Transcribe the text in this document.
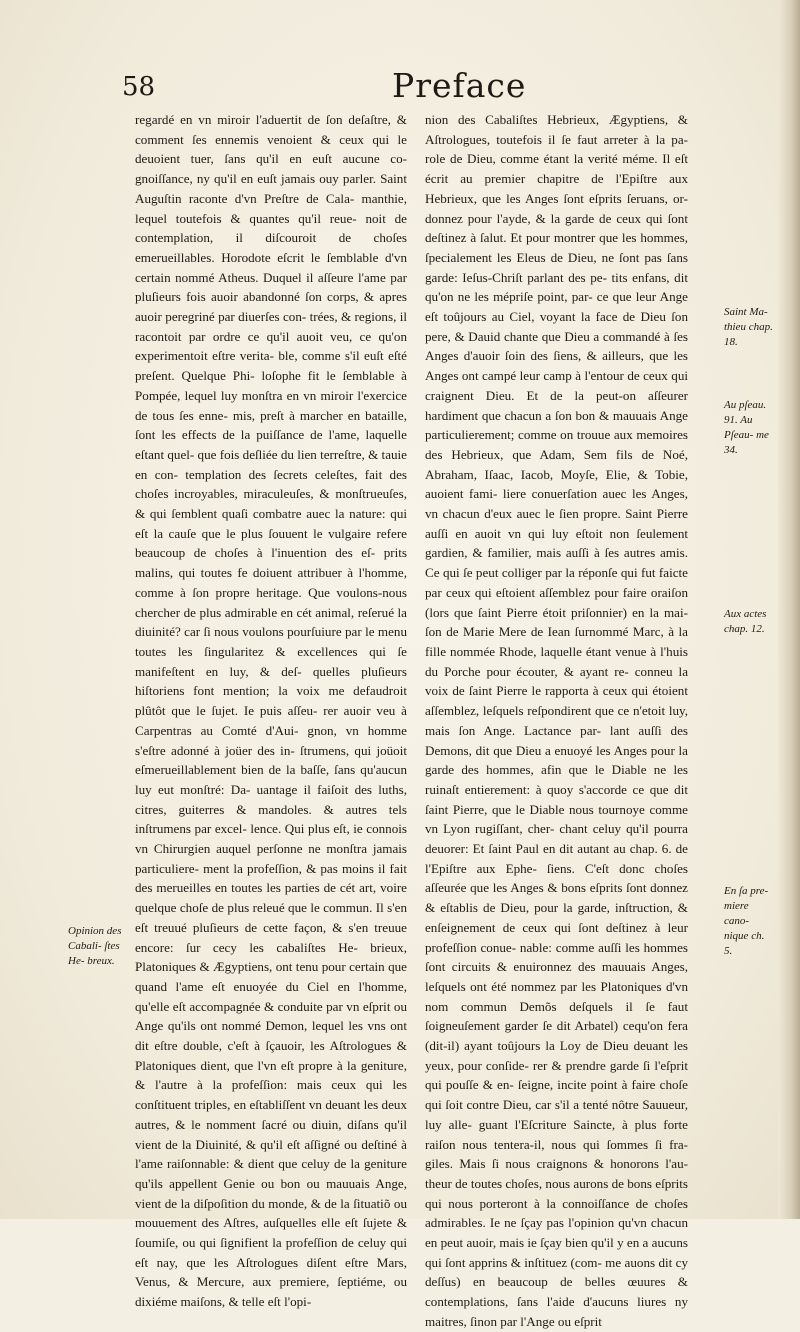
58	Preface

regardé en vn miroir l'aduertit de ſon deſaſtre, & comment ſes ennemis venoient & ceux qui le deuoient tuer, ſans qu'il en euſt aucune co- gnoiſſance, ny qu'il en euſt jamais ouy parler. Saint Auguſtin raconte d'vn Preſtre de Cala- manthie, lequel toutefois & quantes qu'il reue- noit de contemplation, il diſcouroit de choſes emerueillables. Horodote eſcrit le ſemblable d'vn certain nommé Atheus. Duquel il aſſeure l'ame par pluſieurs fois auoir abandonné ſon corps, & apres auoir peregriné par diuerſes con- trées, & regions, il racontoit par ordre ce qu'il auoit veu, ce qu'on experimentoit eſtre verita- ble, comme s'il euſt eſté preſent. Quelque Phi- loſophe fit le ſemblable à Pompée, lequel luy monſtra en vn miroir l'exercice de tous ſes enne- mis, preſt à marcher en bataille, ſont les effects de la puiſſance de l'ame, laquelle eſtant quel- que fois deſliée du lien terreſtre, & tauie en con- templation des ſecrets celeſtes, fait des choſes incroyables, miraculeuſes, & monſtrueuſes, & qui ſemblent quaſi combatre auec la nature: qui eſt la cauſe que le plus ſouuent le vulgaire refere beaucoup de choſes à l'inuention des eſ- prits malins, qui toutes fe doiuent attribuer à l'homme, comme à ſon propre heritage. Que voulons-nous chercher de plus admirable en cét animal, reſerué la diuinité? car ſi nous voulons pourſuiure par le menu toutes les ſingularitez & excellences qui ſe manifeſtent en luy, & deſ- quelles pluſieurs hiſtoriens font mention; la voix me defaudroit plûtôt que le ſujet. Ie puis aſſeu- rer auoir veu à Carpentras au Comté d'Aui- gnon, vn homme s'eſtre adonné à joüer des in- ſtrumens, qui joüoit eſmerueillablement bien de la baſſe, ſans qu'aucun luy eut monſtré: Da- uantage il faiſoit des luths, citres, guiterres & mandoles. & autres tels inſtrumens par excel- lence. Qui plus eſt, ie connois vn Chirurgien auquel perſonne ne monſtra jamais particuliere- ment la profeſſion, & pas moins il fait des merueilles en toutes les parties de cét art, voire quelque choſe de plus releué que le commun. Il s'en eſt treuué pluſieurs de cette façon, & s'en treuue encore: ſur cecy les cabaliſtes He- brieux, Platoniques & Ægyptiens, ont tenu pour certain que quand l'ame eſt enuoyée du Ciel en l'homme, qu'elle eſt accompagnée & conduite par vn eſprit ou Ange qu'ils ont nommé Demon, lequel les vns ont dit eſtre double, c'eſt à ſçauoir, les Aſtrologues & Platoniques dient, que l'vn eſt propre à la geniture, & l'autre à la profeſſion: mais ceux qui les conſtituent triples, en eſtabliſſent vn deuant les deux autres, & le nomment ſacré ou diuin, diſans qu'il vient de la Diuinité, & qu'il eſt aſſigné ou deſtiné à l'ame raiſonnable: & dient que celuy de la geniture qu'ils appellent Genie ou bon ou mauuais Ange, vient de la diſpoſition du monde, & de la ſituatiõ ou mouuement des Aſtres, auſquelles elle eſt ſujete & ſoumiſe, ou qui ſignifient la profeſſion de celuy qui eſt nay, que les Aſtrologues diſent eſtre Mars, Venus, & Mercure, aux premiere, ſeptiéme, ou dixiéme maiſons, & telle eſt l'opi-

nion des Cabaliſtes Hebrieux, Ægyptiens, & Aſtrologues, toutefois il ſe faut arreter à la pa- role de Dieu, comme étant la verité méme. Il eſt écrit au premier chapitre de l'Epiſtre aux Hebrieux, que les Anges ſont eſprits ſeruans, or- donnez pour l'ayde, & la garde de ceux qui ſont deſtinez à ſalut. Et pour montrer que les hommes, ſpecialement les Eleus de Dieu, ne ſont pas ſans garde: Ieſus-Chriſt parlant des pe- tits enfans, dit qu'on ne les mépriſe point, par- ce que leur Ange eſt toûjours au Ciel, voyant la face de Dieu ſon pere, & Dauid chante que Dieu a commandé à ſes Anges d'auoir ſoin des ſiens, & ailleurs, que les Anges ont campé leur camp à l'entour de ceux qui craignent Dieu. Et de la peut-on aſſeurer hardiment que chacun a ſon bon & mauuais Ange particulierement; comme on trouue aux memoires des Hebrieux, que Adam, Sem fils de Noé, Abraham, Iſaac, Iacob, Moyſe, Elie, & Tobie, auoient fami- liere conuerſation auec les Anges, vn chacun d'eux auec le ſien propre. Saint Pierre auſſi en auoit vn qui luy eſtoit non ſeulement gardien, & familier, mais auſſi à ſes autres amis. Ce qui ſe peut colliger par la réponſe qui fut faicte par ceux qui eſtoient aſſemblez pour faire oraiſon (lors que ſaint Pierre étoit priſonnier) en la mai- ſon de Marie Mere de Iean ſurnommé Marc, à la fille nommée Rhode, laquelle étant venue à l'huis du Porche pour écouter, & ayant re- conneu la voix de ſaint Pierre le rapporta à ceux qui étoient aſſemblez, leſquels reſpondirent que ce n'etoit luy, mais ſon Ange. Lactance par- lant auſſi des Demons, dit que Dieu a enuoyé les Anges pour la garde des hommes, afin que le Diable ne les ruinaſt entierement: à quoy s'accorde ce que dit ſaint Pierre, que le Diable nous tournoye comme vn Lyon rugiſſant, cher- chant celuy qu'il pourra deuorer: Et ſaint Paul en dit autant au chap. 6. de l'Epiſtre aux Ephe- ſiens. C'eſt donc choſes aſſeurée que les Anges & bons eſprits ſont donnez & eſtablis de Dieu, pour la garde, inſtruction, & enſeignement de ceux qui ſont deſtinez à leur profeſſion conue- nable: comme auſſi les hommes ſont circuits & enuironnez des mauuais Anges, leſquels ont été nommez par les Platoniques d'vn nom commun Demõs deſquels il ſe faut ſoigneuſement garder ſe dit Arbatel) cequ'on fera (dit-il) ayant toûjours la Loy de Dieu deuant les yeux, pour conſide- rer & prendre garde ſi l'eſprit qui pouſſe & en- ſeigne, incite point à faire choſe qui ſoit contre Dieu, car s'il a tenté nôtre Sauueur, luy alle- guant l'Eſcriture Saincte, à plus forte raiſon nous tentera-il, nous qui ſommes ſi fra- giles. Mais ſi nous craignons & honorons l'au- theur de toutes choſes, nous aurons de bons eſprits qui nous porteront à la connoiſſance de choſes admirables. Ie ne ſçay pas l'opinion qu'vn chacun en peut auoir, mais ie ſçay bien qu'il y en a aucuns qui ſont apprins & inſtituez (com- me auons dit cy deſſus) en beaucoup de belles œuures & contemplations, ſans l'aide d'aucuns liures ny maitres, ſinon par l'Ange ou eſprit

Opinion des Cabali- ſtes He- breux.
Saint Ma- thieu chap. 18.
Au pſeau. 91. Au Pſeau- me 34.
Aux actes chap. 12.
En ſa pre- miere cano- nique ch. 5.
